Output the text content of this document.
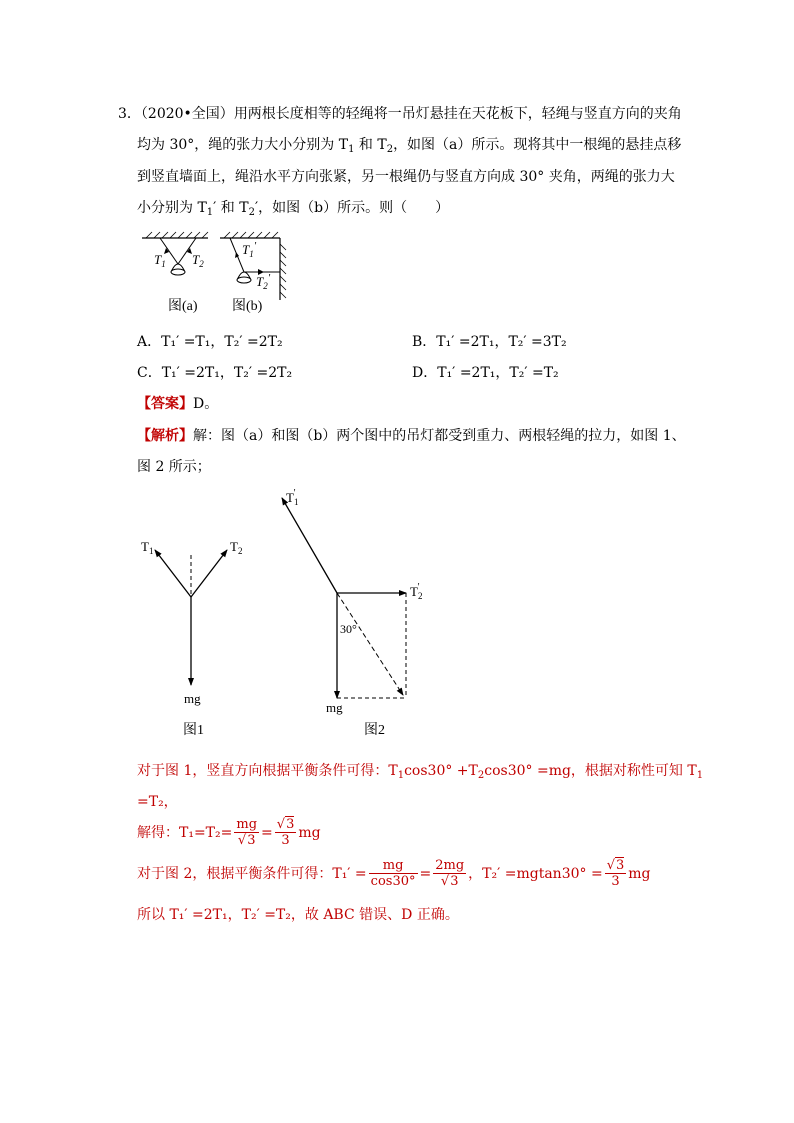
3．（2020•全国）用两根长度相等的轻绳将一吊灯悬挂在天花板下，轻绳与竖直方向的夹角
均为 30°，绳的张力大小分别为 $T_1$ 和 $T_2$，如图（a）所示。现将其中一根绳的悬挂点移
到竖直墙面上，绳沿水平方向张紧，另一根绳仍与竖直方向成 30° 夹角，两绳的张力大
小分别为 $T_1'$ 和 $T_2'$，如图（b）所示。则（　　）
$T_1$ $T_2$
图(a)
$T_1'$
$T_2'$
图(b)
A．T₁′ =T₁，T₂′ =2T₂	B．T₁′ =2T₁，T₂′ =3T₂
C．T₁′ =2T₁，T₂′ =2T₂	D．T₁′ =2T₁，T₂′ =T₂
【答案】D。
【解析】解：图（a）和图（b）两个图中的吊灯都受到重力、两根轻绳的拉力，如图 1、
图 2 所示；
$T_1$	$T_2$
mg
图1
$T_1'$
$T_2'$
30°
mg
图2
对于图 1，竖直方向根据平衡条件可得：$T_1\cos 30^\circ +T_2\cos 30^\circ =mg$，根据对称性可知 $T_1$
=T₂，
解得：$T_1=T_2= \frac{mg}{√3} = \frac{√3}{3}$ mg
对于图 2，根据平衡条件可得：$T_1' = \frac{mg}{\cos 30^\circ} = \frac{2mg}{√3}$ ，$T_2' =mgtan30^\circ = \frac{√3}{3}$ mg
所以 T₁′ =2T₁，T₂′ =T₂，故 ABC 错误、D 正确。
